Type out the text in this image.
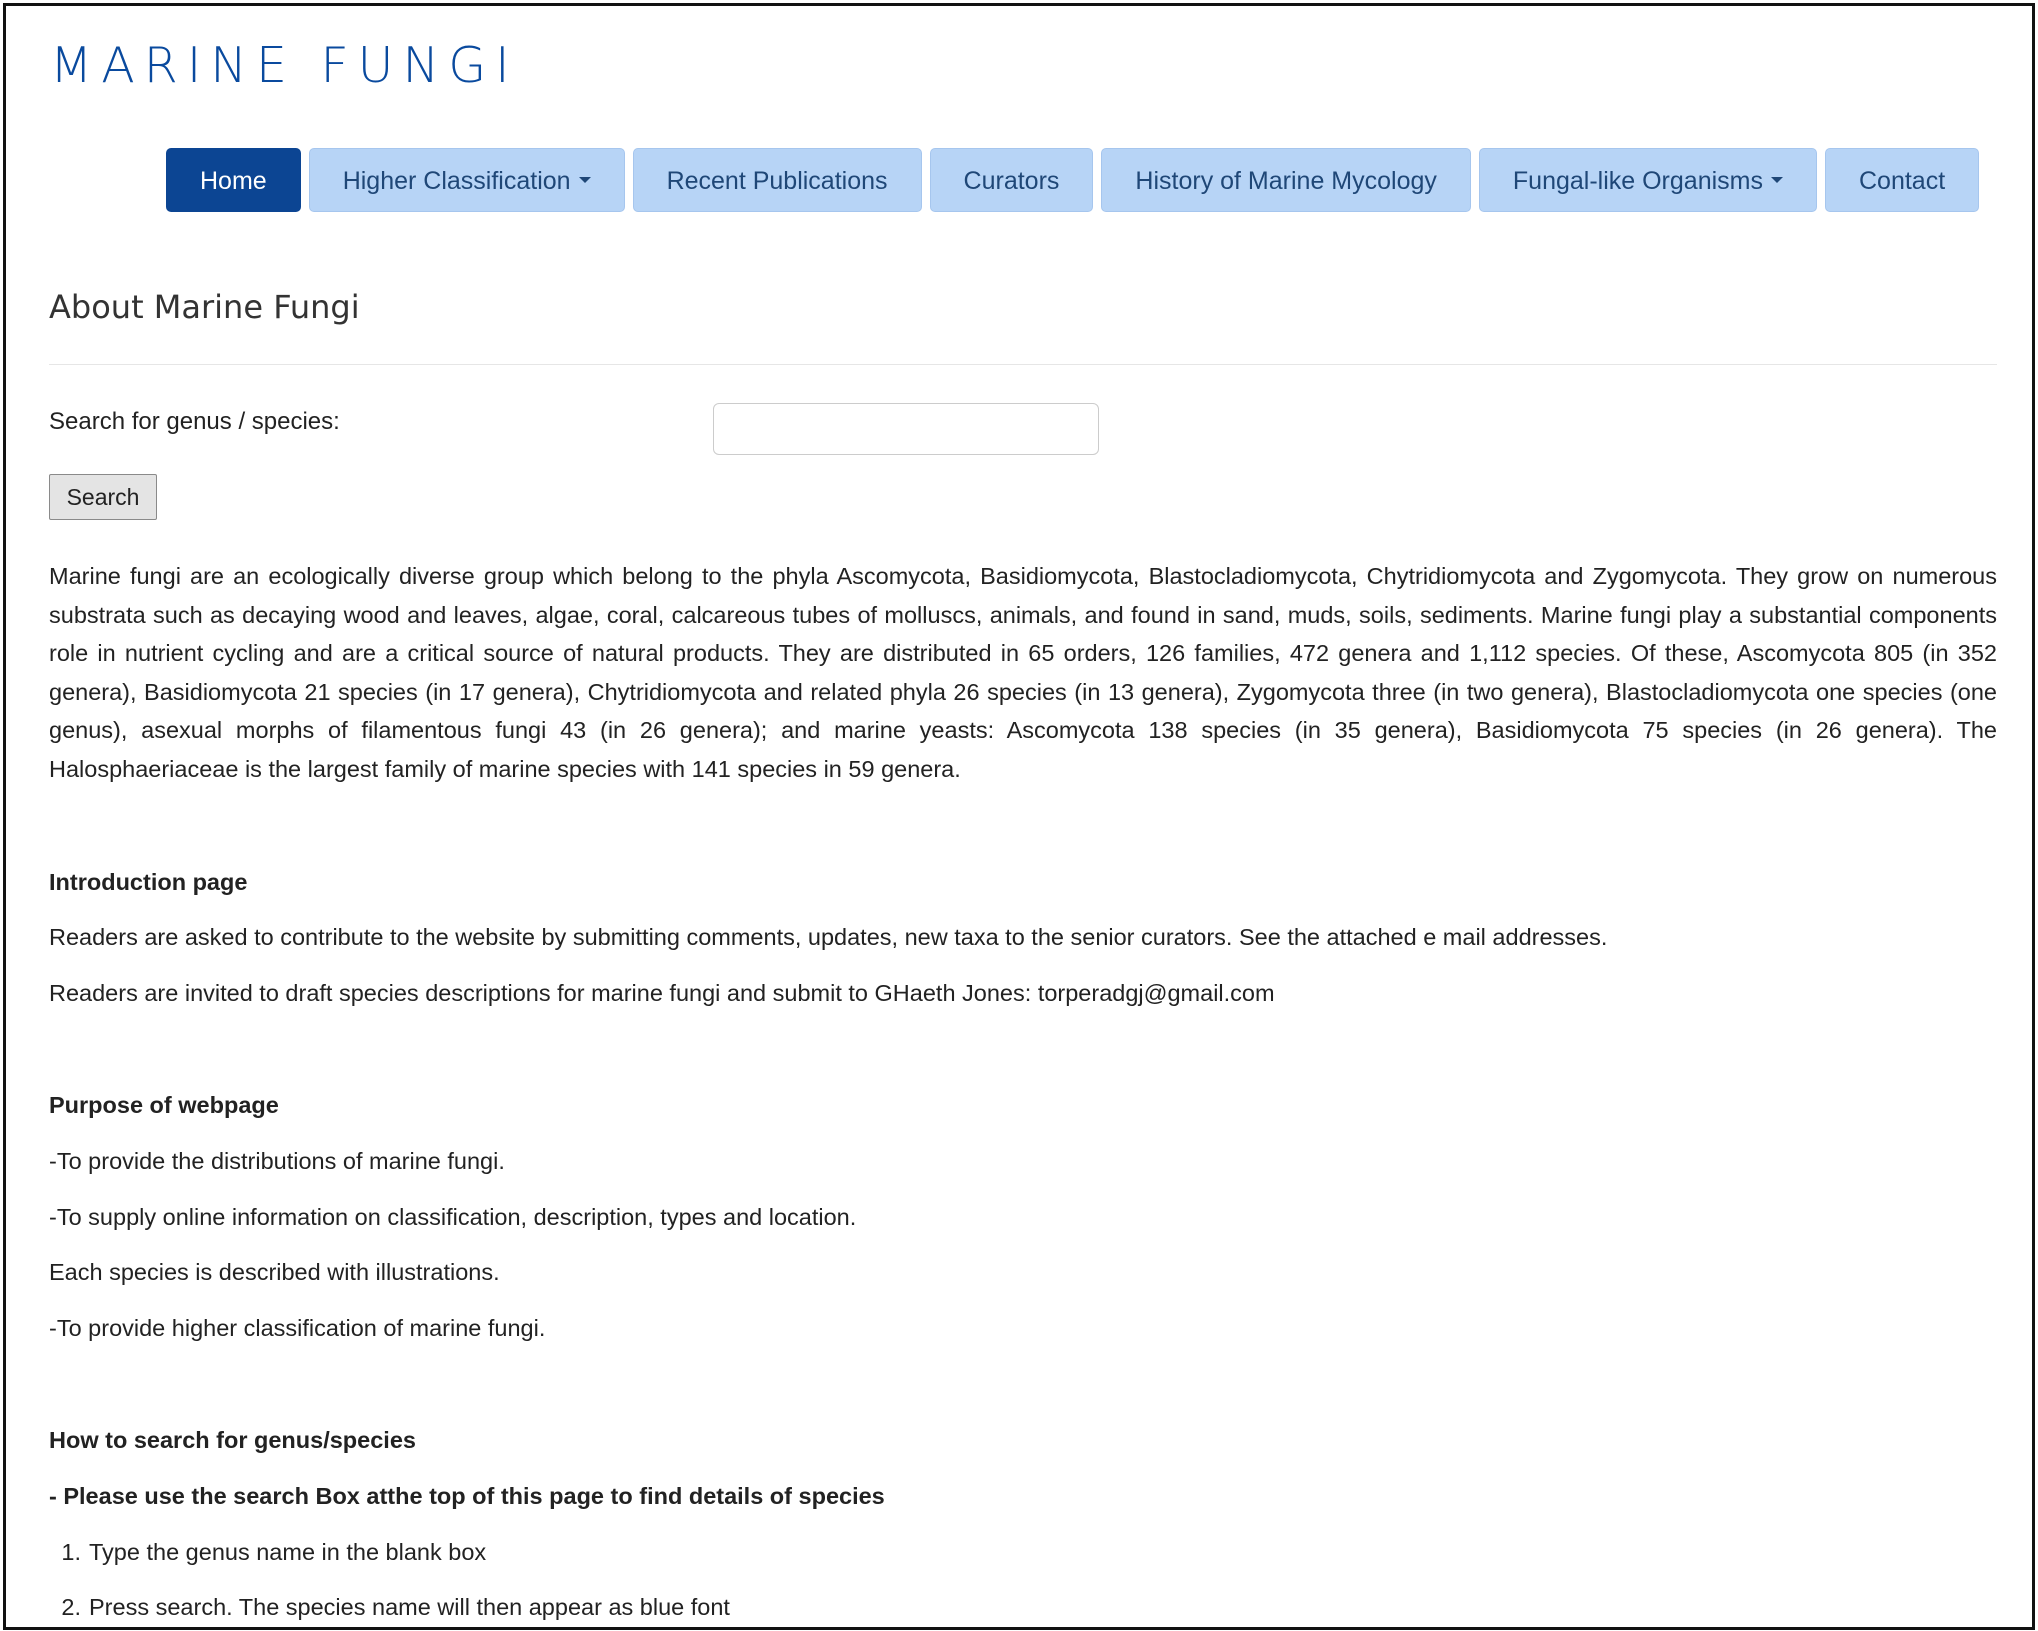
MARINE FUNGI
Home	Higher Classification	Recent Publications	Curators	History of Marine Mycology	Fungal-like Organisms	Contact
About Marine Fungi
Search for genus / species:
Search

Marine fungi are an ecologically diverse group which belong to the phyla Ascomycota, Basidiomycota, Blastocladiomycota, Chytridiomycota and Zygomycota. They grow on numerous substrata such as decaying wood and leaves, algae, coral, calcareous tubes of molluscs, animals, and found in sand, muds, soils, sediments. Marine fungi play a substantial components role in nutrient cycling and are a critical source of natural products. They are distributed in 65 orders, 126 families, 472 genera and 1,112 species. Of these, Ascomycota 805 (in 352 genera), Basidiomycota 21 species (in 17 genera), Chytridiomycota and related phyla 26 species (in 13 genera), Zygomycota three (in two genera), Blastocladiomycota one species (one genus), asexual morphs of filamentous fungi 43 (in 26 genera); and marine yeasts: Ascomycota 138 species (in 35 genera), Basidiomycota 75 species (in 26 genera). The Halosphaeriaceae is the largest family of marine species with 141 species in 59 genera.

Introduction page

Readers are asked to contribute to the website by submitting comments, updates, new taxa to the senior curators. See the attached e mail addresses.

Readers are invited to draft species descriptions for marine fungi and submit to GHaeth Jones: torperadgj@gmail.com

Purpose of webpage

-To provide the distributions of marine fungi.

-To supply online information on classification, description, types and location.

Each species is described with illustrations.

-To provide higher classification of marine fungi.

How to search for genus/species

- Please use the search Box atthe top of this page to find details of species

1. Type the genus name in the blank box
2. Press search. The species name will then appear as blue font
